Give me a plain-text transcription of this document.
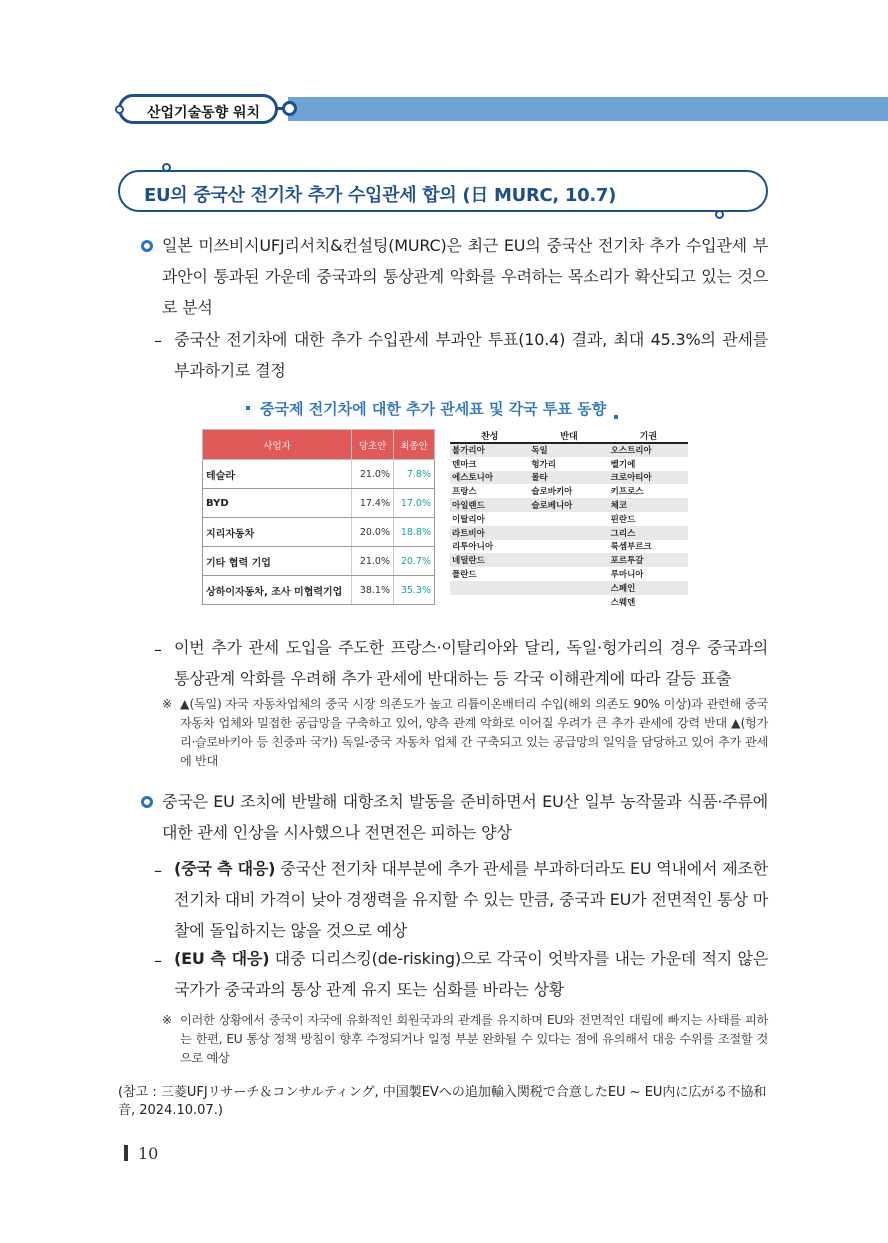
산업기술동향 워치
EU의 중국산 전기차 추가 수입관세 합의 (日 MURC, 10.7)

일본 미쓰비시UFJ리서치&컨설팅(MURC)은 최근 EU의 중국산 전기차 추가 수입관세 부과안이 통과된 가운데 중국과의 통상관계 악화를 우려하는 목소리가 확산되고 있는 것으로 분석

– 중국산 전기차에 대한 추가 수입관세 부과안 투표(10.4) 결과, 최대 45.3%의 관세를 부과하기로 결정

중국제 전기차에 대한 추가 관세표 및 각국 투표 동향
사업자	당초안	최종안
테슬라	21.0%	7.8%
BYD	17.4%	17.0%
지리자동차	20.0%	18.8%
기타 협력 기업	21.0%	20.7%
상하이자동차, 조사 미협력기업	38.1%	35.3%
찬성	반대	기권
불가리아	독일	오스트리아
덴마크	헝가리	벨기에
에스토니아	몰타	크로아티아
프랑스	슬로바키아	키프로스
아일랜드	슬로베니아	체코
이탈리아		핀란드
라트비아		그리스
리투아니아		룩셈부르크
네덜란드		포르투갈
폴란드		루마니아
		스페인
		스웨덴
– 이번 추가 관세 도입을 주도한 프랑스·이탈리아와 달리, 독일·헝가리의 경우 중국과의 통상관계 악화를 우려해 추가 관세에 반대하는 등 각국 이해관계에 따라 갈등 표출

※ ▲(독일) 자국 자동차업체의 중국 시장 의존도가 높고 리튬이온배터리 수입(해외 의존도 90% 이상)과 관련해 중국 자동차 업체와 밀접한 공급망을 구축하고 있어, 양측 관계 악화로 이어질 우려가 큰 추가 관세에 강력 반대 ▲(헝가리·슬로바키아 등 친중파 국가) 독일-중국 자동차 업체 간 구축되고 있는 공급망의 일익을 담당하고 있어 추가 관세에 반대

중국은 EU 조치에 반발해 대항조치 발동을 준비하면서 EU산 일부 농작물과 식품·주류에 대한 관세 인상을 시사했으나 전면전은 피하는 양상

– (중국 측 대응) 중국산 전기차 대부분에 추가 관세를 부과하더라도 EU 역내에서 제조한 전기차 대비 가격이 낮아 경쟁력을 유지할 수 있는 만큼, 중국과 EU가 전면적인 통상 마찰에 돌입하지는 않을 것으로 예상

– (EU 측 대응) 대중 디리스킹(de-risking)으로 각국이 엇박자를 내는 가운데 적지 않은 국가가 중국과의 통상 관계 유지 또는 심화를 바라는 상황

※ 이러한 상황에서 중국이 자국에 유화적인 회원국과의 관계를 유지하며 EU와 전면적인 대립에 빠지는 사태를 피하는 한편, EU 통상 정책 방침이 향후 수정되거나 일정 부분 완화될 수 있다는 점에 유의해서 대응 수위를 조절할 것으로 예상

(참고 : 三菱UFJリサーチ＆コンサルティング, 中国製EVへの追加輸入関税で合意したEU ~ EU内に広がる不協和音, 2024.10.07.)

10
